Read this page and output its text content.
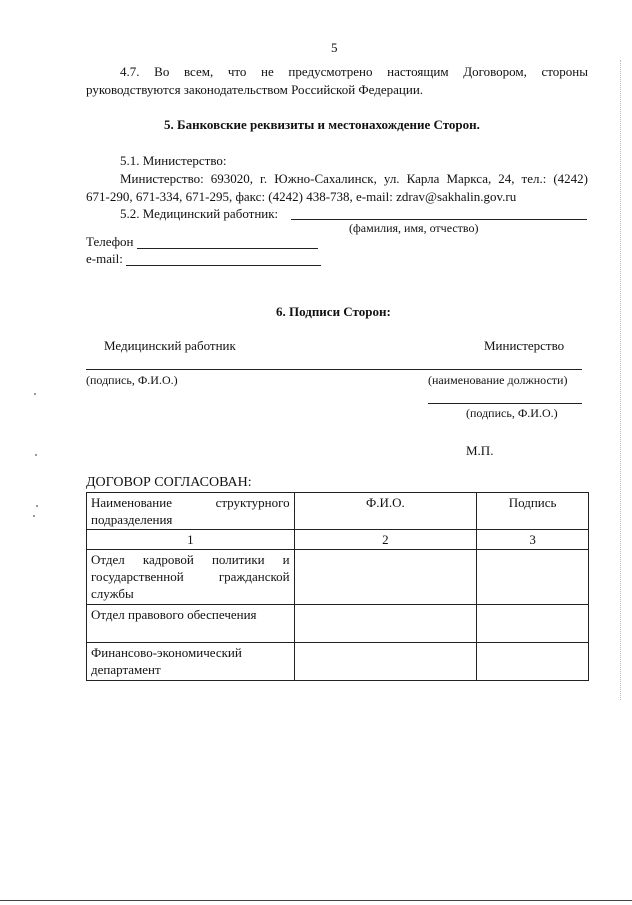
5
4.7. Во всем, что не предусмотрено настоящим Договором, стороны
руководствуются законодательством Российской Федерации.
5. Банковские реквизиты и местонахождение Сторон.
5.1. Министерство:
Министерство: 693020, г. Южно-Сахалинск, ул. Карла Маркса, 24, тел.: (4242)
671-290, 671-334, 671-295, факс: (4242) 438-738, e-mail: zdrav@sakhalin.gov.ru
5.2. Медицинский работник:
(фамилия, имя, отчество)
Телефон
e-mail:
6. Подписи Сторон:
Медицинский работник	Министерство
(подпись, Ф.И.О.)	(наименование должности)
(подпись, Ф.И.О.)
М.П.
ДОГОВОР СОГЛАСОВАН:
Наименование структурного подразделения	Ф.И.О.	Подпись
1	2	3
Отдел кадровой политики и государственной гражданской службы		
Отдел правового обеспечения		
Финансово-экономический департамент		
